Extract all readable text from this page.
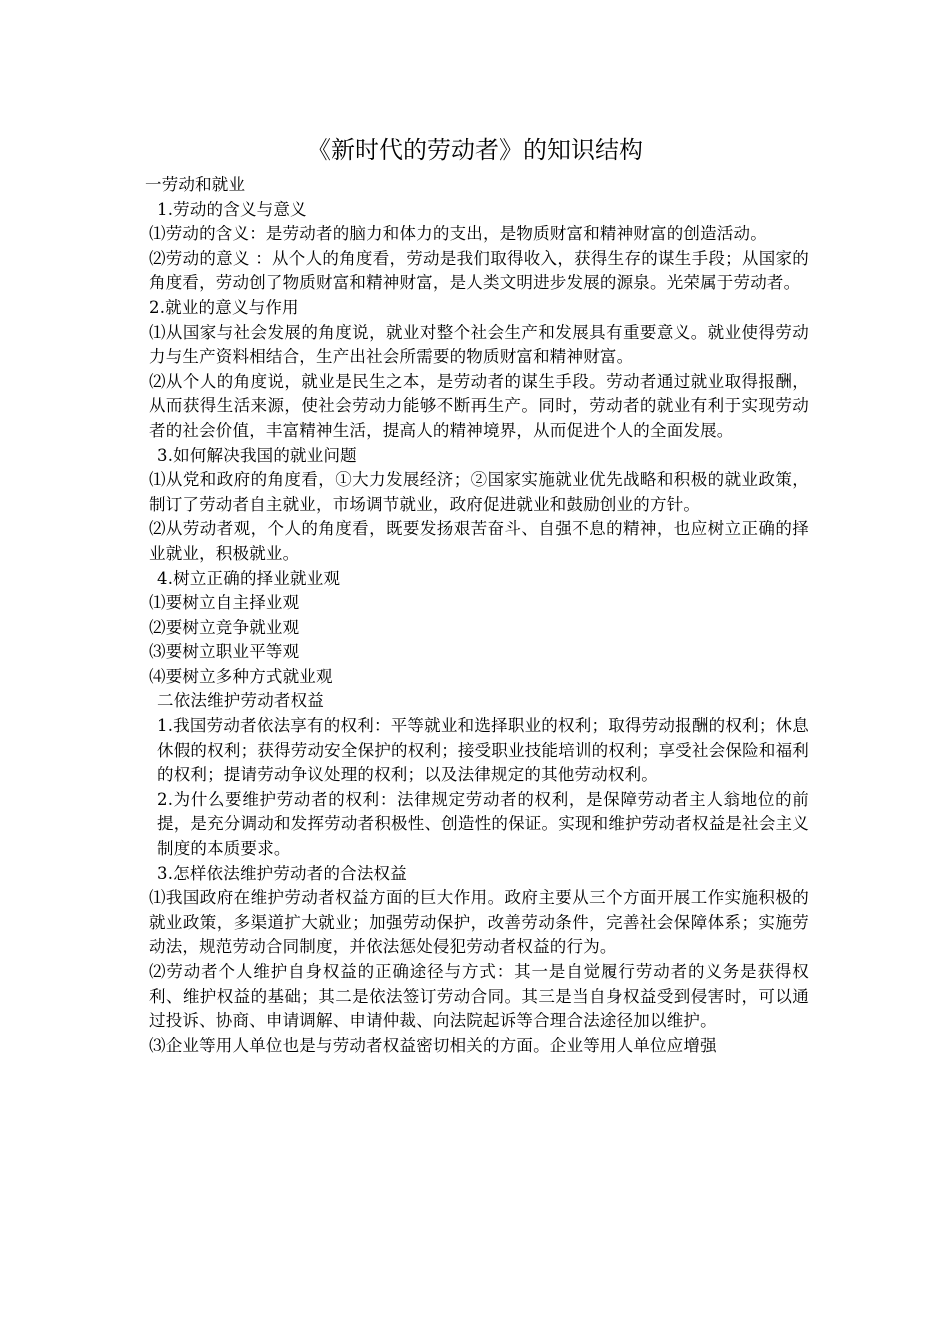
《新时代的劳动者》的知识结构

一劳动和就业

1.劳动的含义与意义

⑴劳动的含义：是劳动者的脑力和体力的支出，是物质财富和精神财富的创造活动。

⑵劳动的意义 ：从个人的角度看，劳动是我们取得收入，获得生存的谋生手段；从国家的角度看，劳动创了物质财富和精神财富，是人类文明进步发展的源泉。光荣属于劳动者。

2.就业的意义与作用

⑴从国家与社会发展的角度说，就业对整个社会生产和发展具有重要意义。就业使得劳动力与生产资料相结合，生产出社会所需要的物质财富和精神财富。

⑵从个人的角度说，就业是民生之本，是劳动者的谋生手段。劳动者通过就业取得报酬，从而获得生活来源，使社会劳动力能够不断再生产。同时，劳动者的就业有利于实现劳动者的社会价值，丰富精神生活，提高人的精神境界，从而促进个人的全面发展。

3.如何解决我国的就业问题

⑴从党和政府的角度看，①大力发展经济；②国家实施就业优先战略和积极的就业政策，制订了劳动者自主就业，市场调节就业，政府促进就业和鼓励创业的方针。

⑵从劳动者观，个人的角度看，既要发扬艰苦奋斗、自强不息的精神，也应树立正确的择业就业，积极就业。

4.树立正确的择业就业观

⑴要树立自主择业观

⑵要树立竞争就业观

⑶要树立职业平等观

⑷要树立多种方式就业观

二依法维护劳动者权益

1.我国劳动者依法享有的权利：平等就业和选择职业的权利；取得劳动报酬的权利；休息休假的权利；获得劳动安全保护的权利；接受职业技能培训的权利；享受社会保险和福利的权利；提请劳动争议处理的权利；以及法律规定的其他劳动权利。

2.为什么要维护劳动者的权利：法律规定劳动者的权利，是保障劳动者主人翁地位的前提，是充分调动和发挥劳动者积极性、创造性的保证。实现和维护劳动者权益是社会主义制度的本质要求。

3.怎样依法维护劳动者的合法权益

⑴我国政府在维护劳动者权益方面的巨大作用。政府主要从三个方面开展工作实施积极的就业政策，多渠道扩大就业；加强劳动保护，改善劳动条件，完善社会保障体系；实施劳动法，规范劳动合同制度，并依法惩处侵犯劳动者权益的行为。

⑵劳动者个人维护自身权益的正确途径与方式：其一是自觉履行劳动者的义务是获得权利、维护权益的基础；其二是依法签订劳动合同。其三是当自身权益受到侵害时，可以通过投诉、协商、申请调解、申请仲裁、向法院起诉等合理合法途径加以维护。

⑶企业等用人单位也是与劳动者权益密切相关的方面。企业等用人单位应增强
